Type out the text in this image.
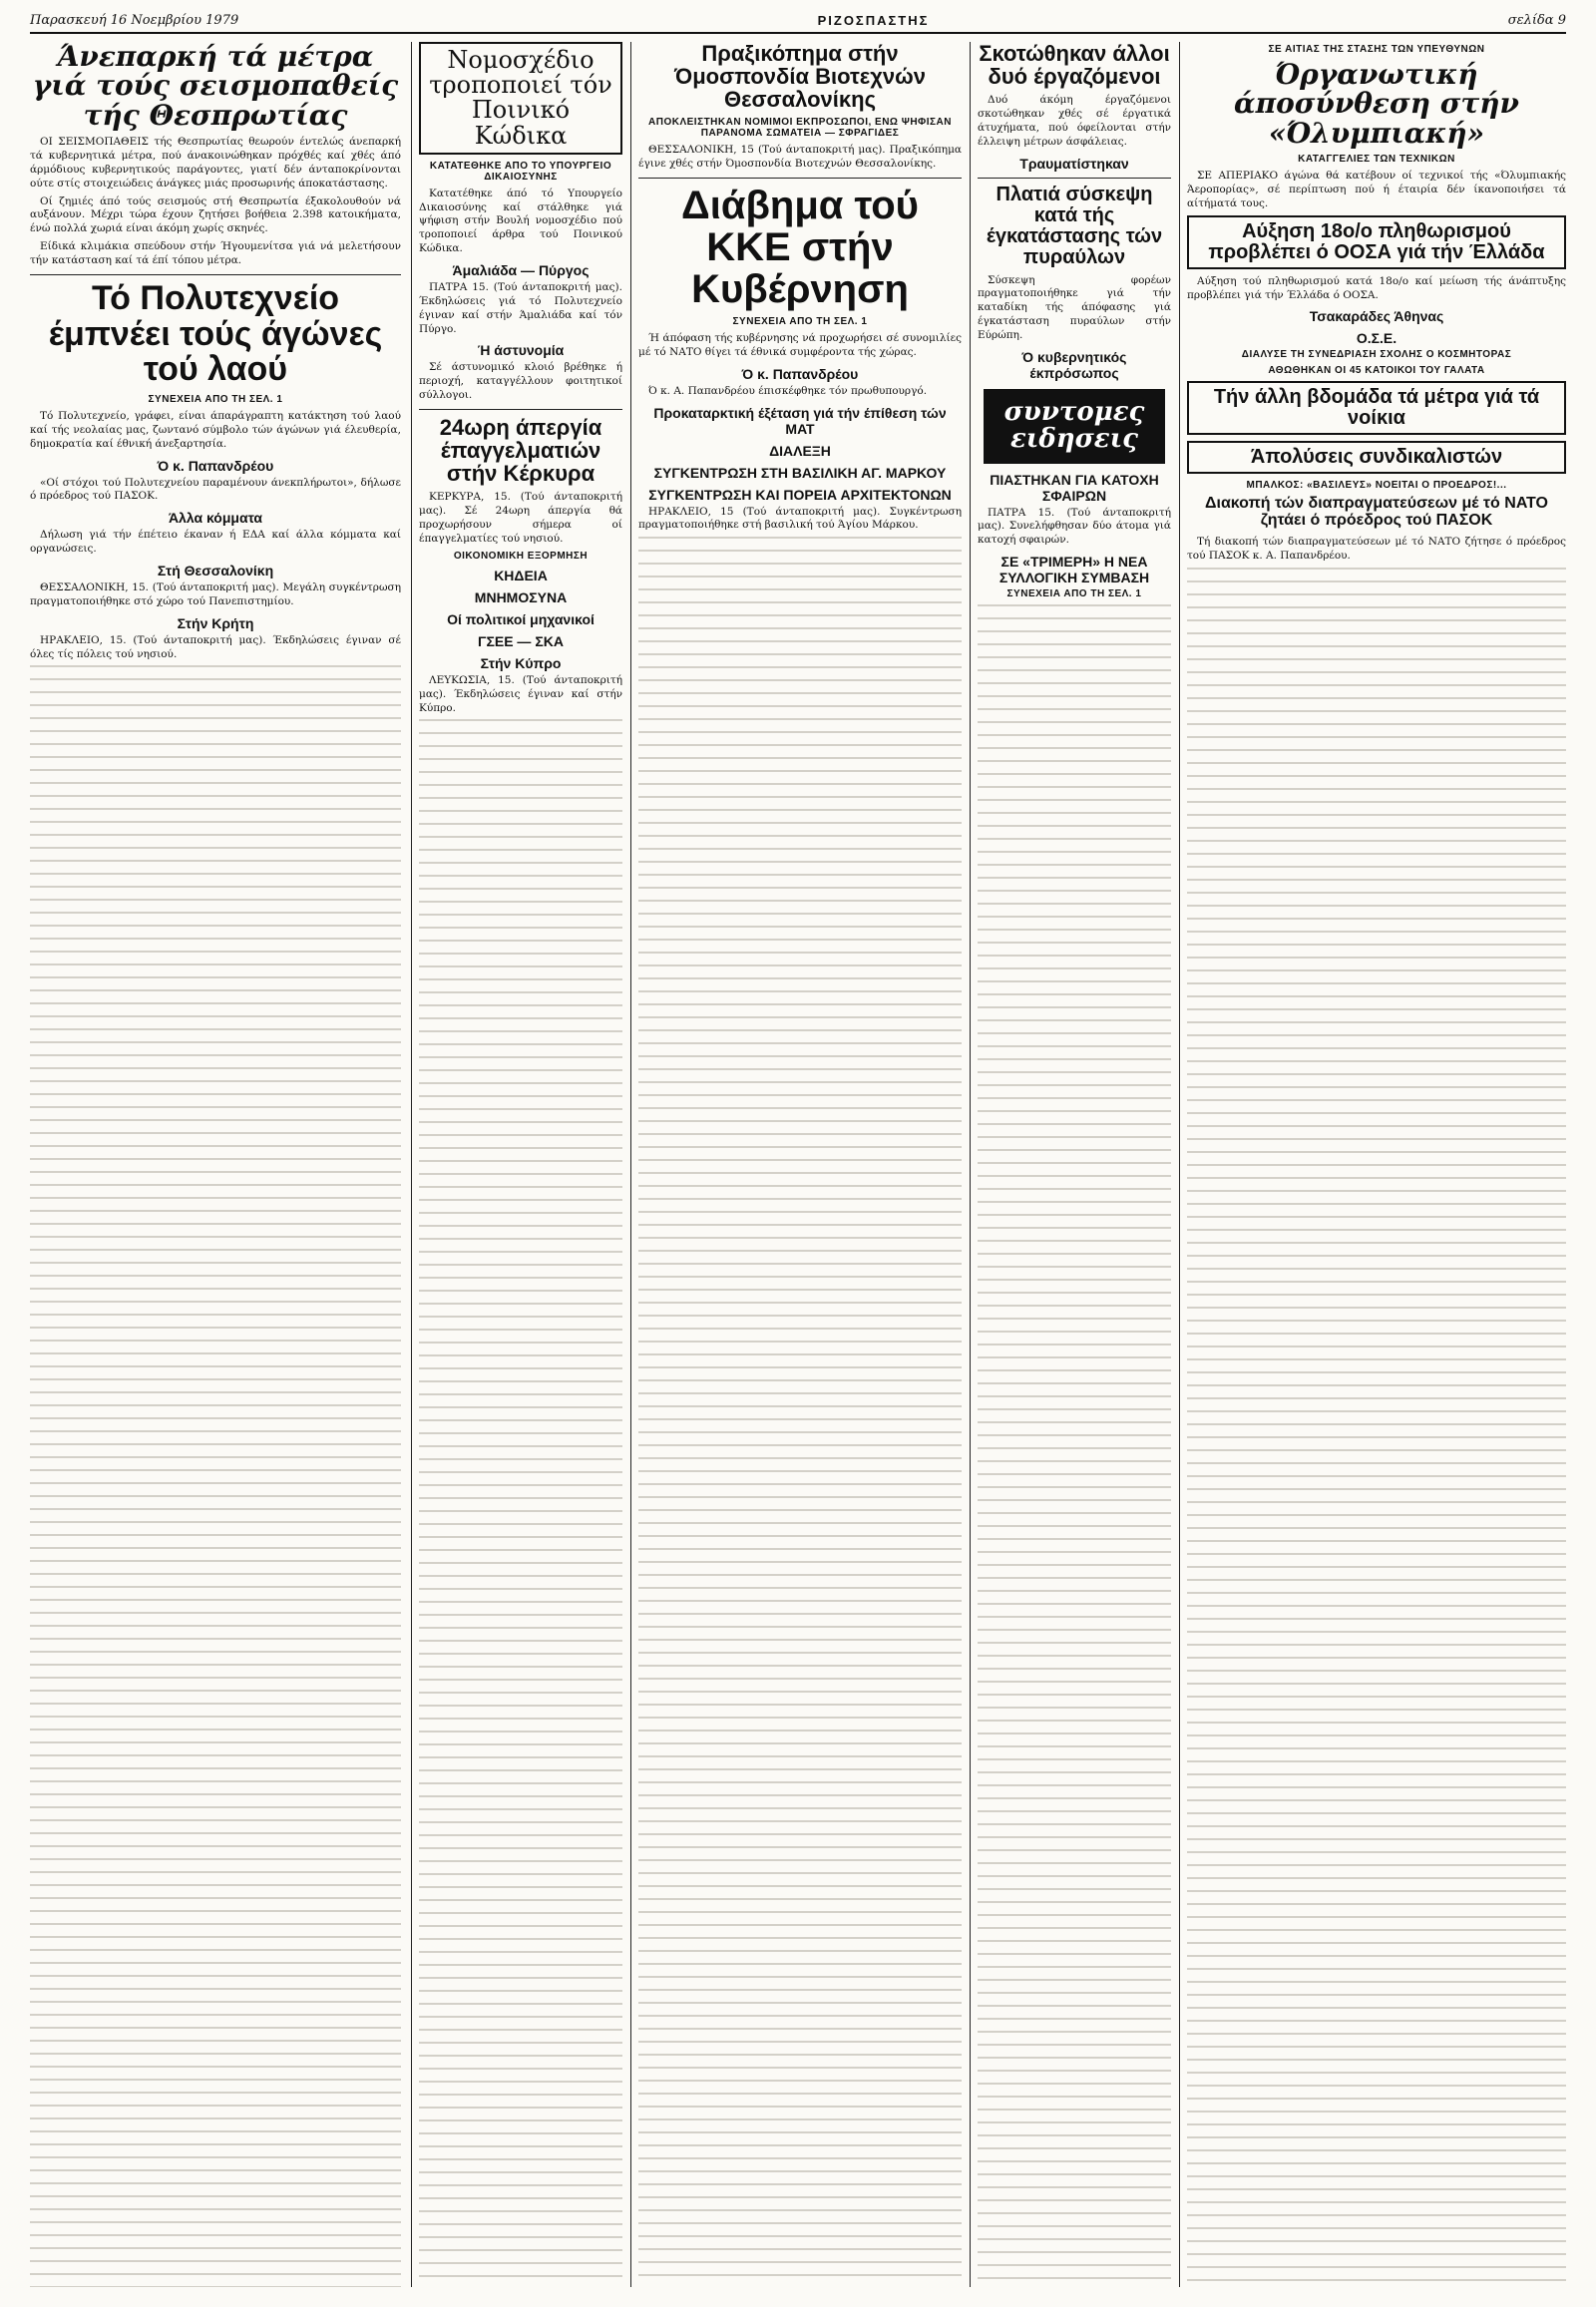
Παρασκευή 16 Νοεμβρίου 1979	ΡΙΖΟΣΠΑΣΤΗΣ	σελίδα 9
Άνεπαρκή τά μέτρα γιά τούς σεισμοπαθείς τής Θεσπρωτίας

ΟΙ ΣΕΙΣΜΟΠΑΘΕΙΣ τής Θεσπρωτίας θεωρούν έντελώς άνεπαρκή τά κυβερνητικά μέτρα, πού άνακοινώθηκαν πρόχθές καί χθές άπό άρμόδιους κυβερνητικούς παράγοντες, γιατί δέν άνταποκρίνονται ούτε στίς στοιχειώδεις άνάγκες μιάς προσωρινής άποκατάστασης.

Οί ζημιές άπό τούς σεισμούς στή Θεσπρωτία έξακολουθούν νά αυξάνουν. Μέχρι τώρα έχουν ζητήσει βοήθεια 2.398 κατοικήματα, ένώ πολλά χωριά είναι άκόμη χωρίς σκηνές.

Είδικά κλιμάκια σπεύδουν στήν Ήγουμενίτσα γιά νά μελετήσουν τήν κατάσταση καί τά έπί τόπου μέτρα.

Τό Πολυτεχνείο έμπνέει τούς άγώνες τού λαού
ΣΥΝΕΧΕΙΑ ΑΠΟ ΤΗ ΣΕΛ. 1

Τό Πολυτεχνείο, γράφει, είναι άπαράγραπτη κατάκτηση τού λαού καί τής νεολαίας μας, ζωντανό σύμβολο τών άγώνων γιά έλευθερία, δημοκρατία καί έθνική άνεξαρτησία.

Ό κ. Παπανδρέου

«Οί στόχοι τού Πολυτεχνείου παραμένουν άνεκπλήρωτοι», δήλωσε ό πρόεδρος τού ΠΑΣΟΚ.

Άλλα κόμματα

Δήλωση γιά τήν έπέτειο έκαναν ή ΕΔΑ καί άλλα κόμματα καί οργανώσεις.

Στή Θεσσαλονίκη

ΘΕΣΣΑΛΟΝΙΚΗ, 15. (Τού άνταποκριτή μας). Μεγάλη συγκέντρωση πραγματοποιήθηκε στό χώρο τού Πανεπιστημίου.

Στήν Κρήτη

ΗΡΑΚΛΕΙΟ, 15. (Τού άνταποκριτή μας). Έκδηλώσεις έγιναν σέ όλες τίς πόλεις τού νησιού.

Νομοσχέδιο τροποποιεί τόν Ποινικό Κώδικα
ΚΑΤΑΤΕΘΗΚΕ ΑΠΟ ΤΟ ΥΠΟΥΡΓΕΙΟ ΔΙΚΑΙΟΣΥΝΗΣ

Κατατέθηκε άπό τό Υπουργείο Δικαιοσύνης καί στάλθηκε γιά ψήφιση στήν Βουλή νομοσχέδιο πού τροποποιεί άρθρα τού Ποινικού Κώδικα.

Άμαλιάδα — Πύργος

ΠΑΤΡΑ 15. (Τού άνταποκριτή μας). Έκδηλώσεις γιά τό Πολυτεχνείο έγιναν καί στήν Άμαλιάδα καί τόν Πύργο.

Ή άστυνομία

Σέ άστυνομικό κλοιό βρέθηκε ή περιοχή, καταγγέλλουν φοιτητικοί σύλλογοι.

24ωρη άπεργία έπαγγελματιών στήν Κέρκυρα

ΚΕΡΚΥΡΑ, 15. (Τού άνταποκριτή μας). Σέ 24ωρη άπεργία θά προχωρήσουν σήμερα οί έπαγγελματίες τού νησιού.

ΟΙΚΟΝΟΜΙΚΗ ΕΞΟΡΜΗΣΗ
ΚΗΔΕΙΑ
ΜΝΗΜΟΣΥΝΑ
Οί πολιτικοί μηχανικοί
ΓΣΕΕ — ΣΚΑ
Στήν Κύπρο

ΛΕΥΚΩΣΙΑ, 15. (Τού άνταποκριτή μας). Έκδηλώσεις έγιναν καί στήν Κύπρο.

Πραξικόπημα στήν Όμοσπονδία Βιοτεχνών Θεσσαλονίκης
ΑΠΟΚΛΕΙΣΤΗΚΑΝ ΝΟΜΙΜΟΙ ΕΚΠΡΟΣΩΠΟΙ, ΕΝΩ ΨΗΦΙΣΑΝ ΠΑΡΑΝΟΜΑ ΣΩΜΑΤΕΙΑ — ΣΦΡΑΓΙΔΕΣ

ΘΕΣΣΑΛΟΝΙΚΗ, 15 (Τού άνταποκριτή μας). Πραξικόπημα έγινε χθές στήν Όμοσπονδία Βιοτεχνών Θεσσαλονίκης.

Διάβημα τού ΚΚΕ στήν Κυβέρνηση
ΣΥΝΕΧΕΙΑ ΑΠΟ ΤΗ ΣΕΛ. 1

Ή άπόφαση τής κυβέρνησης νά προχωρήσει σέ συνομιλίες μέ τό ΝΑΤΟ θίγει τά έθνικά συμφέροντα τής χώρας.

Ό κ. Παπανδρέου

Ό κ. Α. Παπανδρέου έπισκέφθηκε τόν πρωθυπουργό.

Προκαταρκτική έξέταση γιά τήν έπίθεση τών ΜΑΤ
ΔΙΑΛΕΞΗ
ΣΥΓΚΕΝΤΡΩΣΗ ΣΤΗ ΒΑΣΙΛΙΚΗ ΑΓ. ΜΑΡΚΟΥ
ΣΥΓΚΕΝΤΡΩΣΗ ΚΑΙ ΠΟΡΕΙΑ ΑΡΧΙΤΕΚΤΟΝΩΝ

ΗΡΑΚΛΕΙΟ, 15 (Τού άνταποκριτή μας). Συγκέντρωση πραγματοποιήθηκε στή βασιλική τού Άγίου Μάρκου.

Σκοτώθηκαν άλλοι δυό έργαζόμενοι

Δυό άκόμη έργαζόμενοι σκοτώθηκαν χθές σέ έργατικά άτυχήματα, πού όφείλονται στήν έλλειψη μέτρων άσφάλειας.

Τραυματίστηκαν
Πλατιά σύσκεψη κατά τής έγκατάστασης τών πυραύλων

Σύσκεψη φορέων πραγματοποιήθηκε γιά τήν καταδίκη τής άπόφασης γιά έγκατάσταση πυραύλων στήν Εύρώπη.

Ό κυβερνητικός έκπρόσωπος
συντομες ειδησεις
ΠΙΑΣΤΗΚΑΝ ΓΙΑ ΚΑΤΟΧΗ ΣΦΑΙΡΩΝ

ΠΑΤΡΑ 15. (Τού άνταποκριτή μας). Συνελήφθησαν δύο άτομα γιά κατοχή σφαιρών.

ΣΕ «ΤΡΙΜΕΡΗ» Η ΝΕΑ ΣΥΛΛΟΓΙΚΗ ΣΥΜΒΑΣΗ
ΣΥΝΕΧΕΙΑ ΑΠΟ ΤΗ ΣΕΛ. 1
ΣΕ ΑΙΤΙΑΣ ΤΗΣ ΣΤΑΣΗΣ ΤΩΝ ΥΠΕΥΘΥΝΩΝ
Όργανωτική άποσύνθεση στήν «Όλυμπιακή»
ΚΑΤΑΓΓΕΛΙΕΣ ΤΩΝ ΤΕΧΝΙΚΩΝ

ΣΕ ΑΠΕΡΙΑΚΟ άγώνα θά κατέβουν οί τεχνικοί τής «Όλυμπιακής Άεροπορίας», σέ περίπτωση πού ή έταιρία δέν ίκανοποιήσει τά αίτήματά τους.

Αύξηση 18ο/ο πληθωρισμού προβλέπει ό ΟΟΣΑ γιά τήν Έλλάδα

Αύξηση τού πληθωρισμού κατά 18ο/ο καί μείωση τής άνάπτυξης προβλέπει γιά τήν Έλλάδα ό ΟΟΣΑ.

Τσακαράδες Άθηνας
Ο.Σ.Ε.
ΔΙΑΛΥΣΕ ΤΗ ΣΥΝΕΔΡΙΑΣΗ ΣΧΟΛΗΣ Ο ΚΟΣΜΗΤΟΡΑΣ
ΑΘΩΘΗΚΑΝ ΟΙ 45 ΚΑΤΟΙΚΟΙ ΤΟΥ ΓΑΛΑΤΑ
Τήν άλλη βδομάδα τά μέτρα γιά τά νοίκια
Άπολύσεις συνδικαλιστών
ΜΠΑΛΚΟΣ: «ΒΑΣΙΛΕΥΣ» ΝΟΕΙΤΑΙ Ο ΠΡΟΕΔΡΟΣ!...
Διακοπή τών διαπραγματεύσεων μέ τό ΝΑΤΟ ζητάει ό πρόεδρος τού ΠΑΣΟΚ

Τή διακοπή τών διαπραγματεύσεων μέ τό ΝΑΤΟ ζήτησε ό πρόεδρος τού ΠΑΣΟΚ κ. Α. Παπανδρέου.
